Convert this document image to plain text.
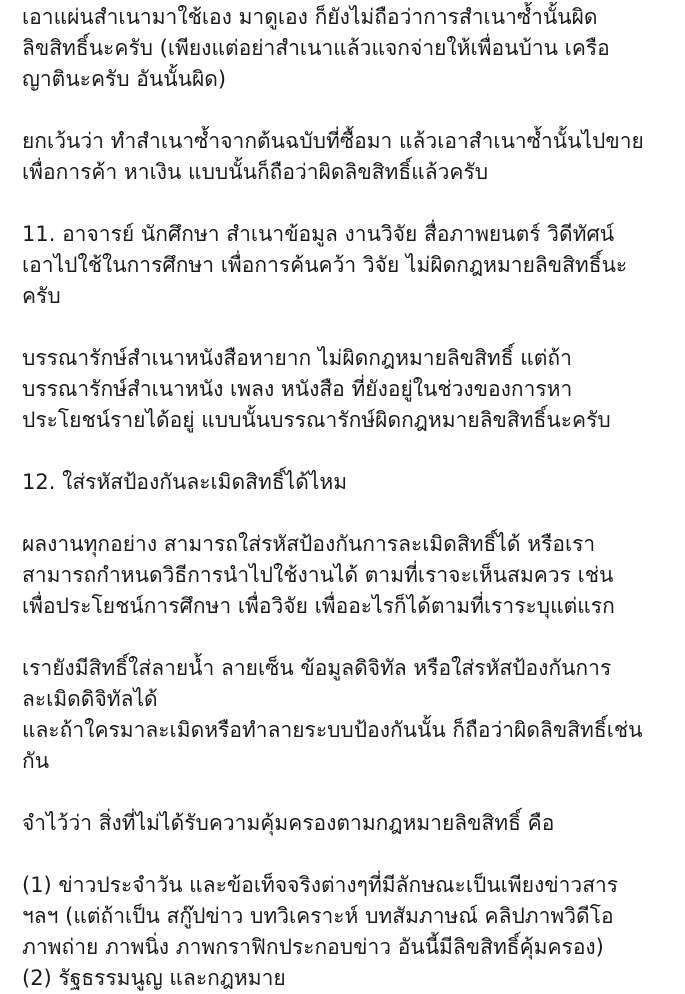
เอาแผ่นสำเนามาใช้เอง มาดูเอง ก็ยังไม่ถือว่าการสำเนาซ้ำนั้นผิด
ลิขสิทธิ์นะครับ (เพียงแต่อย่าสำเนาแล้วแจกจ่ายให้เพื่อนบ้าน เครือ
ญาตินะครับ อันนั้นผิด)
ยกเว้นว่า ทำสำเนาซ้ำจากต้นฉบับที่ซื้อมา แล้วเอาสำเนาซ้ำนั้นไปขาย
เพื่อการค้า หาเงิน แบบนั้นก็ถือว่าผิดลิขสิทธิ์แล้วครับ
11. อาจารย์ นักศึกษา สำเนาข้อมูล งานวิจัย สื่อภาพยนตร์ วิดีทัศน์
เอาไปใช้ในการศึกษา เพื่อการค้นคว้า วิจัย ไม่ผิดกฎหมายลิขสิทธิ์นะ
ครับ
บรรณารักษ์สำเนาหนังสือหายาก ไม่ผิดกฎหมายลิขสิทธิ์ แต่ถ้า
บรรณารักษ์สำเนาหนัง เพลง หนังสือ ที่ยังอยู่ในช่วงของการหา
ประโยชน์รายได้อยู่ แบบนั้นบรรณารักษ์ผิดกฎหมายลิขสิทธิ์นะครับ
12. ใส่รหัสป้องกันละเมิดสิทธิ์ได้ไหม
ผลงานทุกอย่าง สามารถใส่รหัสป้องกันการละเมิดสิทธิ์ได้ หรือเรา
สามารถกำหนดวิธีการนำไปใช้งานได้ ตามที่เราจะเห็นสมควร เช่น
เพื่อประโยชน์การศึกษา เพื่อวิจัย เพื่ออะไรก็ได้ตามที่เราระบุแต่แรก
เรายังมีสิทธิ์ใส่ลายน้ำ ลายเซ็น ข้อมูลดิจิทัล หรือใส่รหัสป้องกันการ
ละเมิดดิจิทัลได้
และถ้าใครมาละเมิดหรือทำลายระบบป้องกันนั้น ก็ถือว่าผิดลิขสิทธิ์เช่น
กัน
จำไว้ว่า สิ่งที่ไม่ได้รับความคุ้มครองตามกฎหมายลิขสิทธิ์ คือ
(1) ข่าวประจำวัน และข้อเท็จจริงต่างๆที่มีลักษณะเป็นเพียงข่าวสาร
ฯลฯ (แต่ถ้าเป็น สกู๊ปข่าว บทวิเคราะห์ บทสัมภาษณ์ คลิปภาพวิดีโอ
ภาพถ่าย ภาพนิ่ง ภาพกราฟิกประกอบข่าว อันนี้มีลิขสิทธิ์คุ้มครอง)
(2) รัฐธรรมนูญ และกฎหมาย
